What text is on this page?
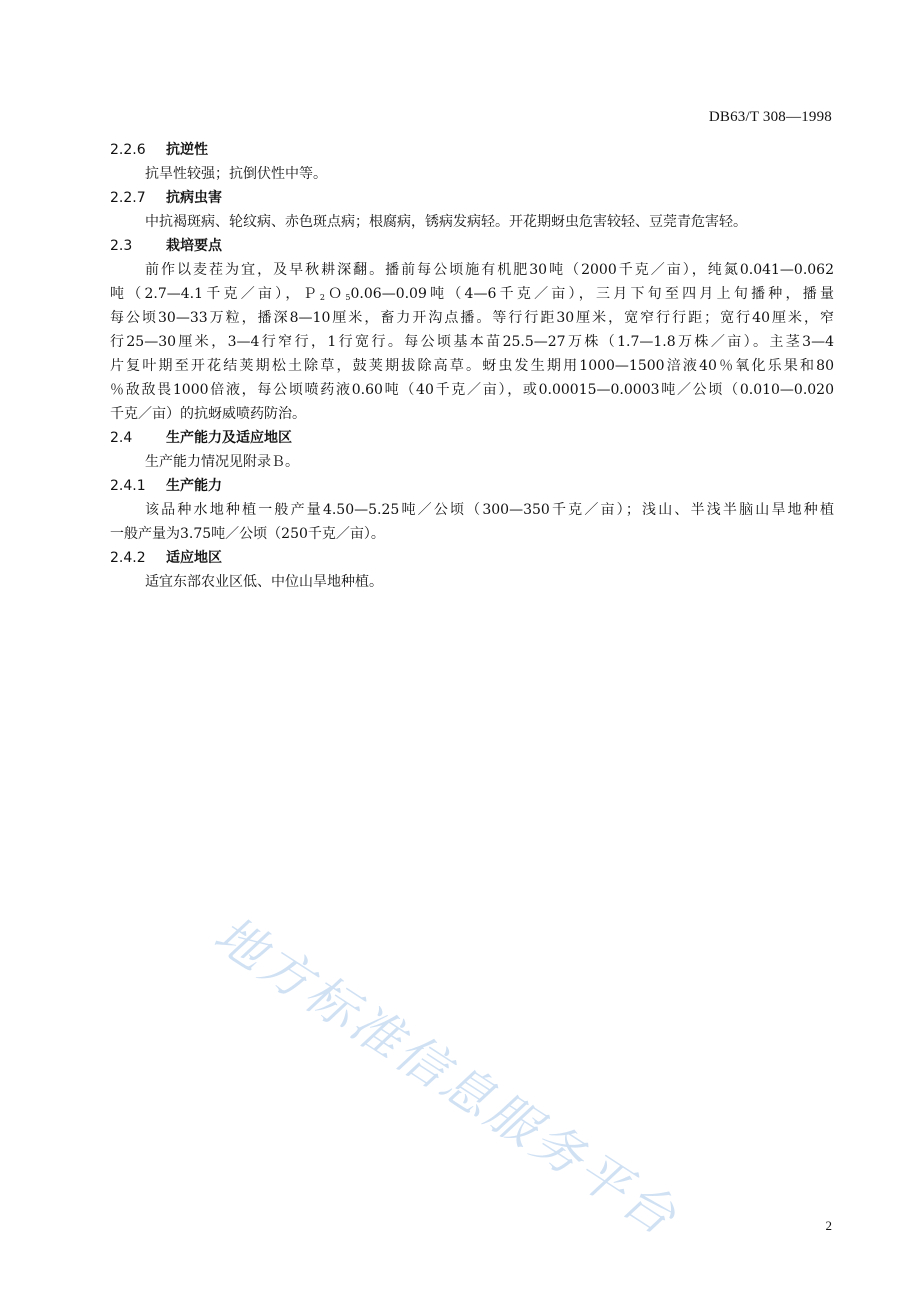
DB63/T 308—1998
2.2.6 抗逆性
抗旱性较强；抗倒伏性中等。
2.2.7 抗病虫害
中抗褐斑病、轮纹病、赤色斑点病；根腐病，锈病发病轻。开花期蚜虫危害较轻、豆莞青危害轻。
2.3 栽培要点
前作以麦茬为宜，及早秋耕深翻。播前每公顷施有机肥30吨（2000千克／亩），纯氮0.041—0.062
吨（2.7—4.1千克／亩），Ｐ$_2$Ｏ$_5$0.06—0.09吨（4—6千克／亩），三月下旬至四月上旬播种，播量
每公顷30—33万粒，播深8—10厘米，畜力开沟点播。等行行距30厘米，宽窄行行距；宽行40厘米，窄
行25—30厘米，3—4行窄行，1行宽行。每公顷基本苗25.5—27万株（1.7—1.8万株／亩）。主茎3—4
片复叶期至开花结荚期松土除草，鼓荚期拔除高草。蚜虫发生期用1000—1500涪液40％氧化乐果和80
％敌敌畏1000倍液，每公顷喷药液0.60吨（40千克／亩），或0.00015—0.0003吨／公顷（0.010—0.020
千克／亩）的抗蚜威喷药防治。
2.4 生产能力及适应地区
生产能力情况见附录Ｂ。
2.4.1 生产能力
该品种水地种植一般产量4.50—5.25吨／公顷（300—350千克／亩）；浅山、半浅半脑山旱地种植
一般产量为3.75吨／公顷（250千克／亩）。
2.4.2 适应地区
适宜东部农业区低、中位山旱地种植。
地方标准信息服务平台	2
